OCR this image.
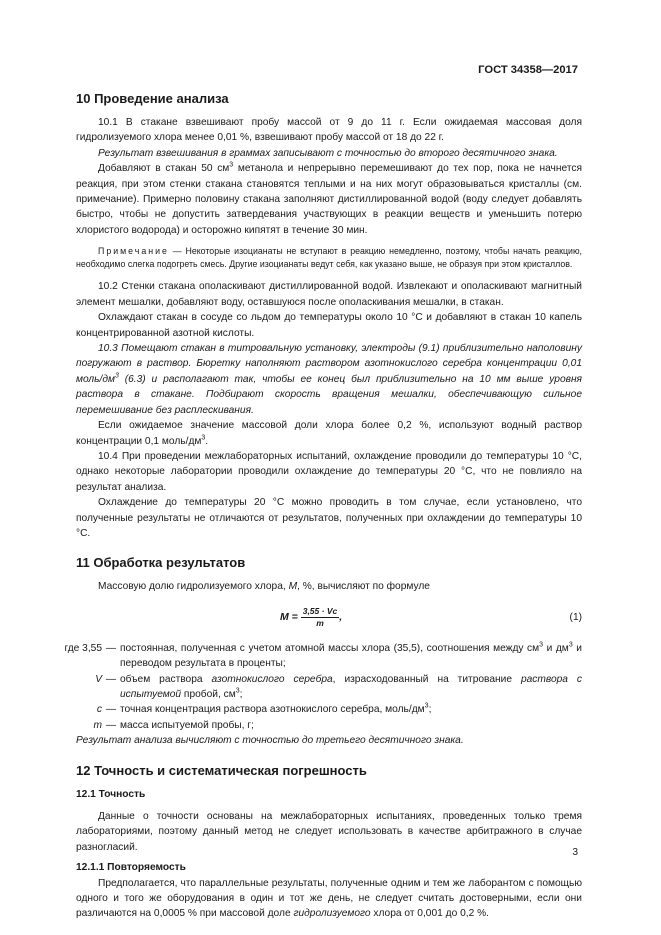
ГОСТ 34358—2017
10 Проведение анализа

10.1 В стакане взвешивают пробу массой от 9 до 11 г. Если ожидаемая массовая доля гидролизуемого хлора менее 0,01 %, взвешивают пробу массой от 18 до 22 г.

Результат взвешивания в граммах записывают с точностью до второго десятичного знака.

Добавляют в стакан 50 $см^3$ метанола и непрерывно перемешивают до тех пор, пока не начнется реакция, при этом стенки стакана становятся теплыми и на них могут образовываться кристаллы (см. примечание). Примерно половину стакана заполняют дистиллированной водой (воду следует добавлять быстро, чтобы не допустить затвердевания участвующих в реакции веществ и уменьшить потерю хлористого водорода) и осторожно кипятят в течение 30 мин.

Примечание — Некоторые изоцианаты не вступают в реакцию немедленно, поэтому, чтобы начать реакцию, необходимо слегка подогреть смесь. Другие изоцианаты ведут себя, как указано выше, не образуя при этом кристаллов.

10.2 Стенки стакана ополаскивают дистиллированной водой. Извлекают и ополаскивают магнитный элемент мешалки, добавляют воду, оставшуюся после ополаскивания мешалки, в стакан.

Охлаждают стакан в сосуде со льдом до температуры около 10 °С и добавляют в стакан 10 капель концентрированной азотной кислоты.

10.3 Помещают стакан в титровальную установку, электроды (9.1) приблизительно наполовину погружают в раствор. Бюретку наполняют раствором азотнокислого серебра концентрации 0,01 моль/$дм^3$ (6.3) и располагают так, чтобы ее конец был приблизительно на 10 мм выше уровня раствора в стакане. Подбирают скорость вращения мешалки, обеспечивающую сильное перемешивание без расплескивания.

Если ожидаемое значение массовой доли хлора более 0,2 %, используют водный раствор концентрации 0,1 моль/$дм^3$.

10.4 При проведении межлабораторных испытаний, охлаждение проводили до температуры 10 °С, однако некоторые лаборатории проводили охлаждение до температуры 20 °С, что не повлияло на результат анализа.

Охлаждение до температуры 20 °С можно проводить в том случае, если установлено, что полученные результаты не отличаются от результатов, полученных при охлаждении до температуры 10 °С.

11 Обработка результатов

Массовую долю гидролизуемого хлора, М, %, вычисляют по формуле

$M = \frac{3,55 \cdot Vc}{m}$ ,	(1)
где 3,55 — постоянная, полученная с учетом атомной массы хлора (35,5), соотношения между $см^3$ и $дм^3$ и переводом результата в проценты;
V — объем раствора азотнокислого серебра, израсходованный на титрование раствора с испытуемой пробой, $см^3$;
с — точная концентрация раствора азотнокислого серебра, моль/$дм^3$;
m — масса испытуемой пробы, г;

Результат анализа вычисляют с точностью до третьего десятичного знака.

12 Точность и систематическая погрешность
12.1 Точность

Данные о точности основаны на межлабораторных испытаниях, проведенных только тремя лабораториями, поэтому данный метод не следует использовать в качестве арбитражного в случае разногласий.

12.1.1 Повторяемость

Предполагается, что параллельные результаты, полученные одним и тем же лаборантом с помощью одного и того же оборудования в один и тот же день, не следует считать достоверными, если они различаются на 0,0005 % при массовой доле гидролизуемого хлора от 0,001 до 0,2 %.

3
